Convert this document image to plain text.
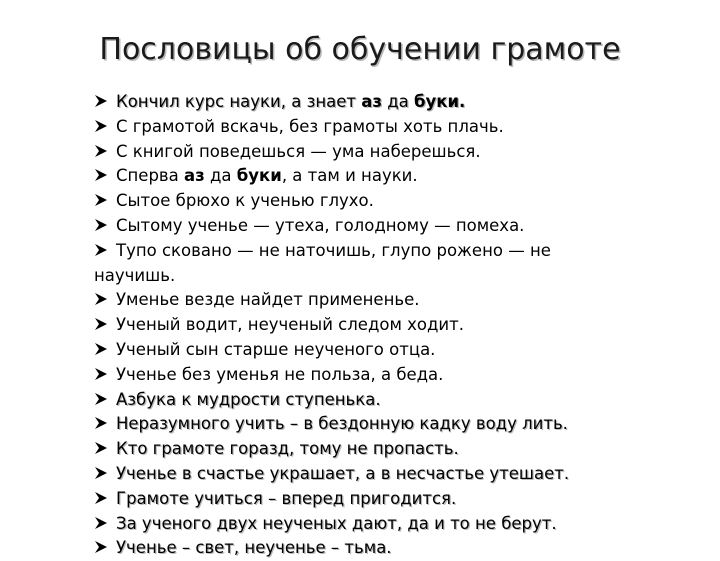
Пословицы об обучении грамоте
Кончил курс науки, а знает аз да буки.
С грамотой вскачь, без грамоты хоть плачь.
С книгой поведешься — ума наберешься.
Сперва аз да буки, а там и науки.
Сытое брюхо к ученью глухо.
Сытому ученье — утеха, голодному — помеха.
Тупо сковано — не наточишь, глупо рожено — не
научишь.
Уменье везде найдет примененье.
Ученый водит, неученый следом ходит.
Ученый сын старше неученого отца.
Ученье без уменья не польза, а беда.
Азбука к мудрости ступенька.
Неразумного учить – в бездонную кадку воду лить.
Кто грамоте горазд, тому не пропасть.
Ученье в счастье украшает, а в несчастье утешает.
Грамоте учиться – вперед пригодится.
За ученого двух неученых дают, да и то не берут.
Ученье – свет, неученье – тьма.
